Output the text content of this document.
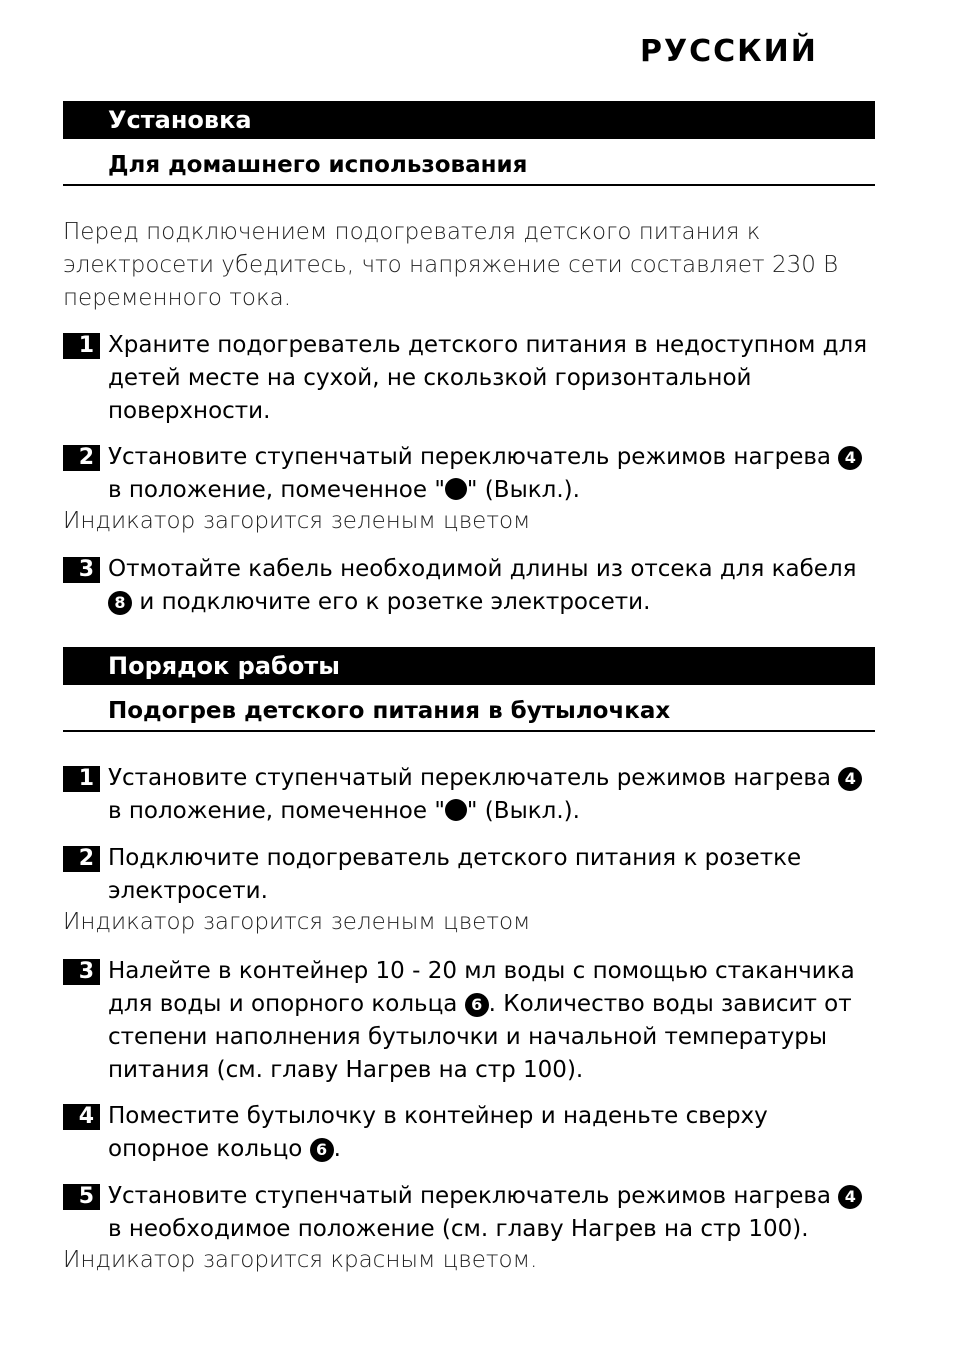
РУССКИЙ
Установка
Для домашнего использования
Перед подключением подогревателя детского питания к электросети убедитесь, что напряжение сети составляет 230 В переменного тока.
1 Храните подогреватель детского питания в недоступном для детей месте на сухой, не скользкой горизонтальной поверхности.
2 Установите ступенчатый переключатель режимов нагрева 4
в положение, помеченное " " (Выкл.).
Индикатор загорится зеленым цветом
3 Отмотайте кабель необходимой длины из отсека для кабеля
8 и подключите его к розетке электросети.
Порядок работы
Подогрев детского питания в бутылочках
1 Установите ступенчатый переключатель режимов нагрева 4
в положение, помеченное " " (Выкл.).
2 Подключите подогреватель детского питания к розетке электросети.
Индикатор загорится зеленым цветом
3 Налейте в контейнер 10 - 20 мл воды с помощью стаканчика для воды и опорного кольца 6 . Количество воды зависит от степени наполнения бутылочки и начальной температуры питания (см. главу Нагрев на стр 100).
4 Поместите бутылочку в контейнер и наденьте сверху опорное кольцо 6 .
5 Установите ступенчатый переключатель режимов нагрева 4
в необходимое положение (см. главу Нагрев на стр 100).
Индикатор загорится красным цветом.
